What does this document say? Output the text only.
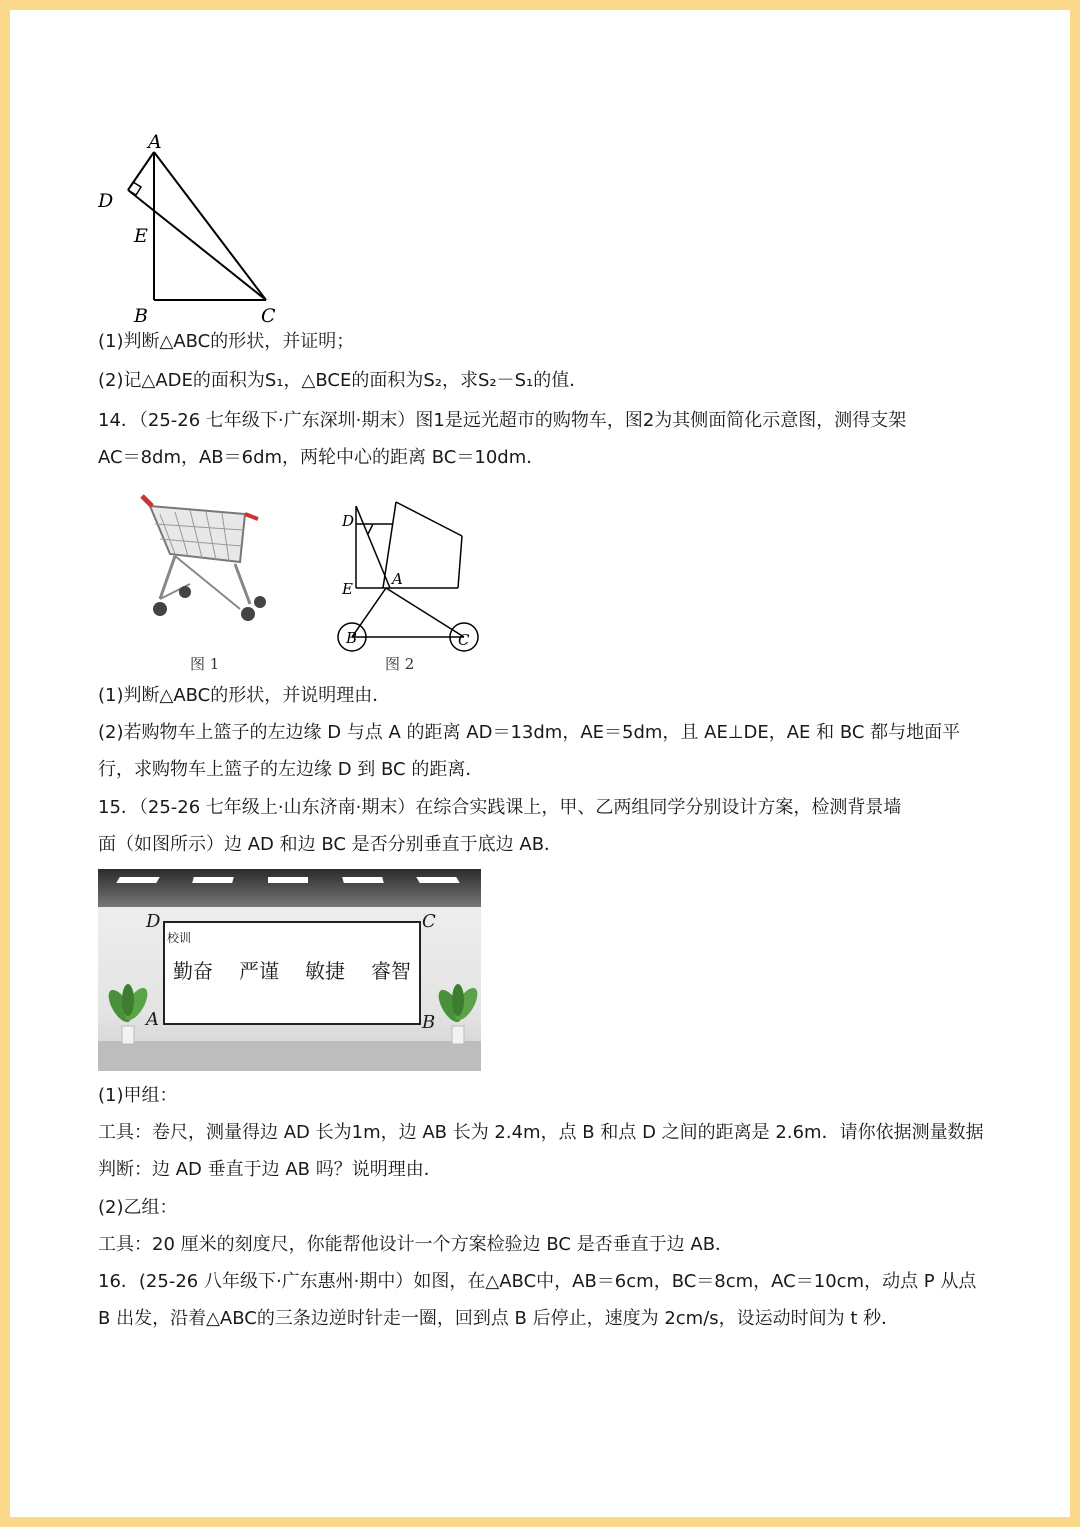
A
B	C
D
E
(1)判断△ABC的形状，并证明；
(2)记△ADE的面积为S₁，△BCE的面积为S₂，求S₂－S₁的值．
14．（25-26 七年级下·广东深圳·期末）图1是远光超市的购物车，图2为其侧面简化示意图，测得支架
AC＝8dm，AB＝6dm，两轮中心的距离 BC＝10dm．
图 1
D
E
A
B	C
图 2
(1)判断△ABC的形状，并说明理由．
(2)若购物车上篮子的左边缘 D 与点 A 的距离 AD＝13dm，AE＝5dm，且 AE⊥DE，AE 和 BC 都与地面平
行，求购物车上篮子的左边缘 D 到 BC 的距离．
15．（25-26 七年级上·山东济南·期末）在综合实践课上，甲、乙两组同学分别设计方案，检测背景墙
面（如图所示）边 AD 和边 BC 是否分别垂直于底边 AB．
校训
勤奋 严谨 敏捷 睿智
D	C
A	B
(1)甲组：
工具：卷尺，测量得边 AD 长为1m，边 AB 长为 2.4m，点 B 和点 D 之间的距离是 2.6m．请你依据测量数据
判断：边 AD 垂直于边 AB 吗？说明理由．
(2)乙组：
工具：20 厘米的刻度尺，你能帮他设计一个方案检验边 BC 是否垂直于边 AB．
16．(25-26 八年级下·广东惠州·期中）如图，在△ABC中，AB＝6cm，BC＝8cm，AC＝10cm，动点 P 从点
B 出发，沿着△ABC的三条边逆时针走一圈，回到点 B 后停止，速度为 2cm/s，设运动时间为 t 秒．
